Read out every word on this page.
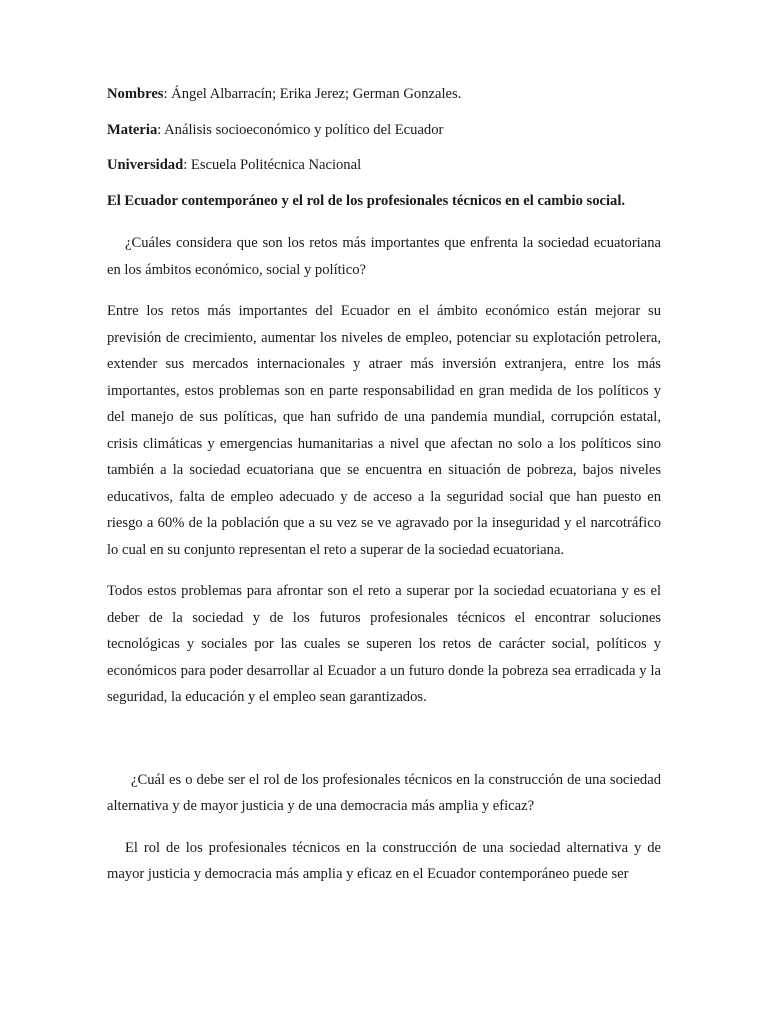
Nombres: Ángel Albarracín; Erika Jerez; German Gonzales.

Materia: Análisis socioeconómico y político del Ecuador

Universidad: Escuela Politécnica Nacional

El Ecuador contemporáneo y el rol de los profesionales técnicos en el cambio social.

¿Cuáles considera que son los retos más importantes que enfrenta la sociedad ecuatoriana en los ámbitos económico, social y político?

Entre los retos más importantes del Ecuador en el ámbito económico están mejorar su previsión de crecimiento, aumentar los niveles de empleo, potenciar su explotación petrolera, extender sus mercados internacionales y atraer más inversión extranjera, entre los más importantes, estos problemas son en parte responsabilidad en gran medida de los políticos y del manejo de sus políticas, que han sufrido de una pandemia mundial, corrupción estatal, crisis climáticas y emergencias humanitarias a nivel que afectan no solo a los políticos sino también a la sociedad ecuatoriana que se encuentra en situación de pobreza, bajos niveles educativos, falta de empleo adecuado y de acceso a la seguridad social que han puesto en riesgo a 60% de la población que a su vez se ve agravado por la inseguridad y el narcotráfico lo cual en su conjunto representan el reto a superar de la sociedad ecuatoriana.

Todos estos problemas para afrontar son el reto a superar por la sociedad ecuatoriana y es el deber de la sociedad y de los futuros profesionales técnicos el encontrar soluciones tecnológicas y sociales por las cuales se superen los retos de carácter social, políticos y económicos para poder desarrollar al Ecuador a un futuro donde la pobreza sea erradicada y la seguridad, la educación y el empleo sean garantizados.

¿Cuál es o debe ser el rol de los profesionales técnicos en la construcción de una sociedad alternativa y de mayor justicia y de una democracia más amplia y eficaz?

El rol de los profesionales técnicos en la construcción de una sociedad alternativa y de mayor justicia y democracia más amplia y eficaz en el Ecuador contemporáneo puede ser
